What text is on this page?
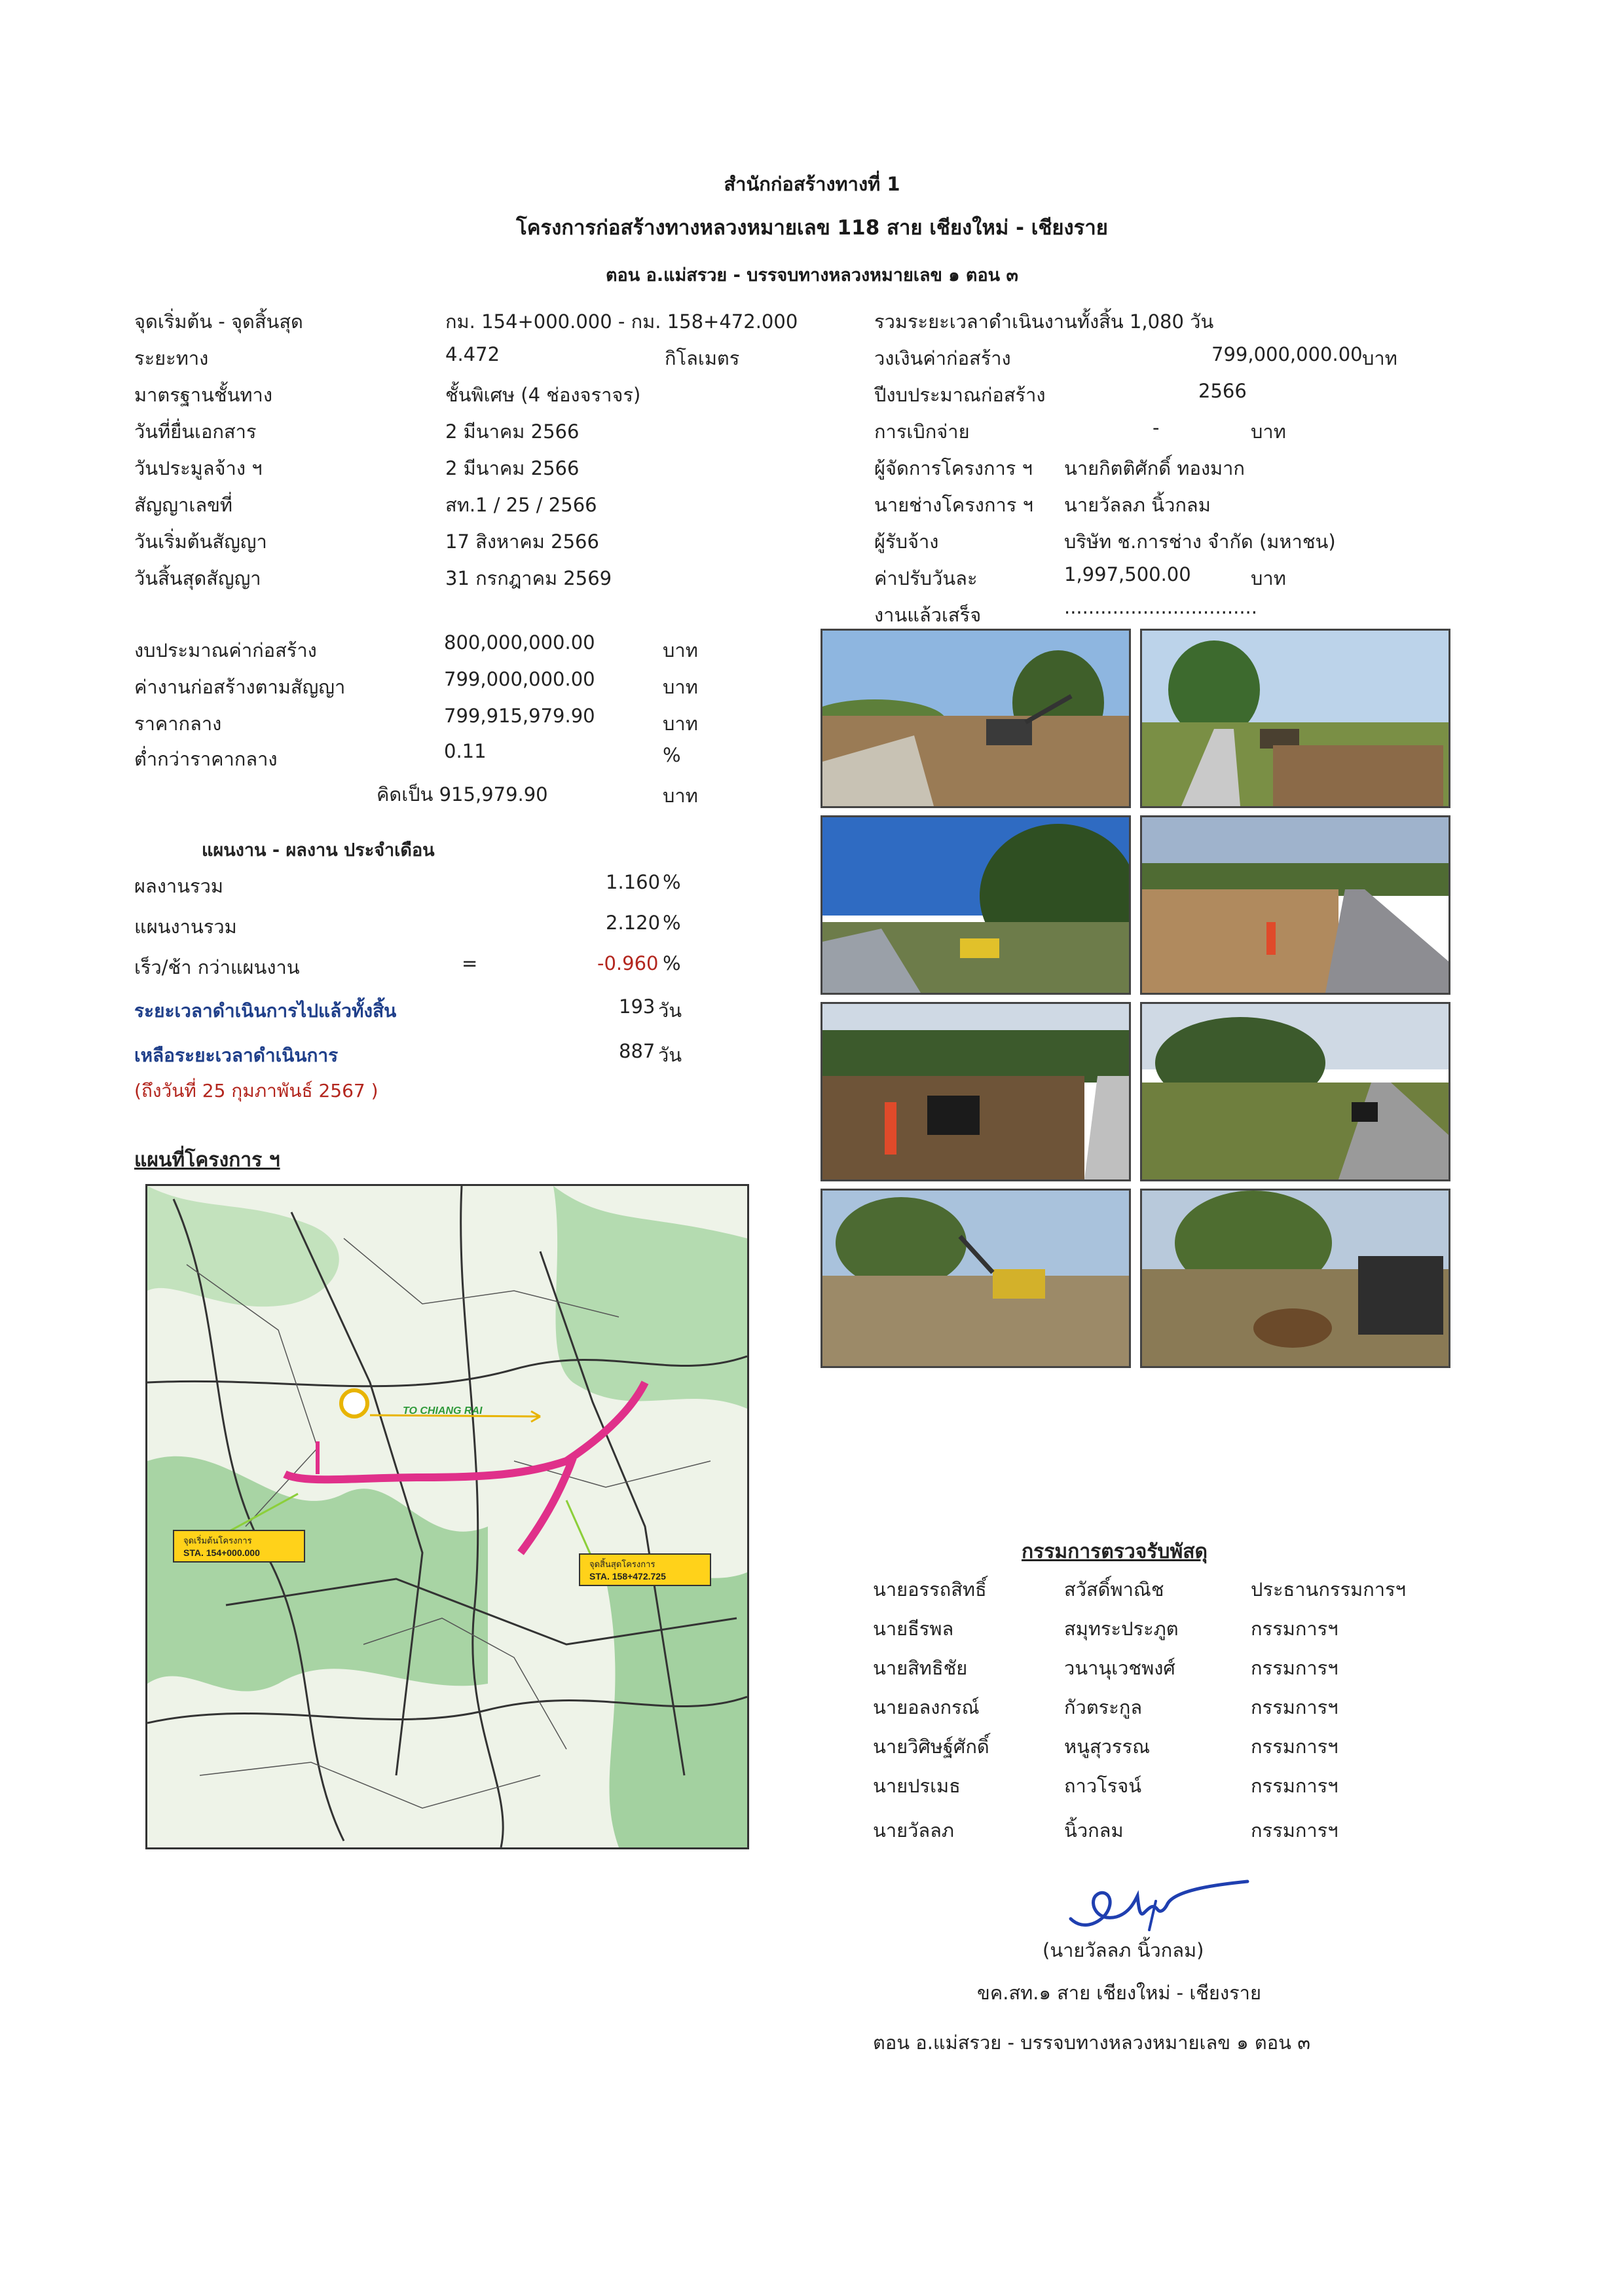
สำนักก่อสร้างทางที่ 1
โครงการก่อสร้างทางหลวงหมายเลข 118 สาย เชียงใหม่ - เชียงราย
ตอน อ.แม่สรวย - บรรจบทางหลวงหมายเลข ๑ ตอน ๓
จุดเริ่มต้น - จุดสิ้นสุด	กม. 154+000.000 - กม. 158+472.000
ระยะทาง	4.472	กิโลเมตร
มาตรฐานชั้นทาง	ชั้นพิเศษ (4 ช่องจราจร)
วันที่ยื่นเอกสาร	2 มีนาคม 2566
วันประมูลจ้าง ฯ	2 มีนาคม 2566
สัญญาเลขที่	สท.1 / 25 / 2566
วันเริ่มต้นสัญญา	17 สิงหาคม 2566
วันสิ้นสุดสัญญา	31 กรกฎาคม 2569
รวมระยะเวลาดำเนินงานทั้งสิ้น 1,080 วัน
วงเงินค่าก่อสร้าง	799,000,000.00 บาท
ปีงบประมาณก่อสร้าง	2566
การเบิกจ่าย	-	บาท
ผู้จัดการโครงการ ฯ นายกิตติศักดิ์ ทองมาก
นายช่างโครงการ ฯ นายวัลลภ นิ้วกลม
ผู้รับจ้าง	บริษัท ช.การช่าง จำกัด (มหาชน)
ค่าปรับวันละ	1,997,500.00	บาท
งานแล้วเสร็จ	................................
งบประมาณค่าก่อสร้าง	800,000,000.00	บาท
ค่างานก่อสร้างตามสัญญา	799,000,000.00	บาท
ราคากลาง	799,915,979.90	บาท
ต่ำกว่าราคากลาง	0.11	%
คิดเป็น 915,979.90	บาท
แผนงาน - ผลงาน ประจำเดือน
ผลงานรวม	1.160 %
แผนงานรวม	2.120 %
เร็ว/ช้า กว่าแผนงาน	=	-0.960 %
ระยะเวลาดำเนินการไปแล้วทั้งสิ้น	193 วัน
เหลือระยะเวลาดำเนินการ	887 วัน
(ถึงวันที่ 25 กุมภาพันธ์ 2567 )
แผนที่โครงการ ฯ
TO CHIANG RAI
จุดเริ่มต้นโครงการ
STA. 154+000.000
จุดสิ้นสุดโครงการ
STA. 158+472.725
กรรมการตรวจรับพัสดุ
นายอรรถสิทธิ์	สวัสดิ์พาณิช	ประธานกรรมการฯ
นายธีรพล	สมุทระประภูต	กรรมการฯ
นายสิทธิชัย	วนานุเวชพงศ์	กรรมการฯ
นายอลงกรณ์	กัวตระกูล	กรรมการฯ
นายวิศิษฐ์ศักดิ์	หนูสุวรรณ	กรรมการฯ
นายปรเมธ	ถาวโรจน์	กรรมการฯ
นายวัลลภ	นิ้วกลม	กรรมการฯ
(นายวัลลภ นิ้วกลม)
ขค.สท.๑ สาย เชียงใหม่ - เชียงราย
ตอน อ.แม่สรวย - บรรจบทางหลวงหมายเลข ๑ ตอน ๓
